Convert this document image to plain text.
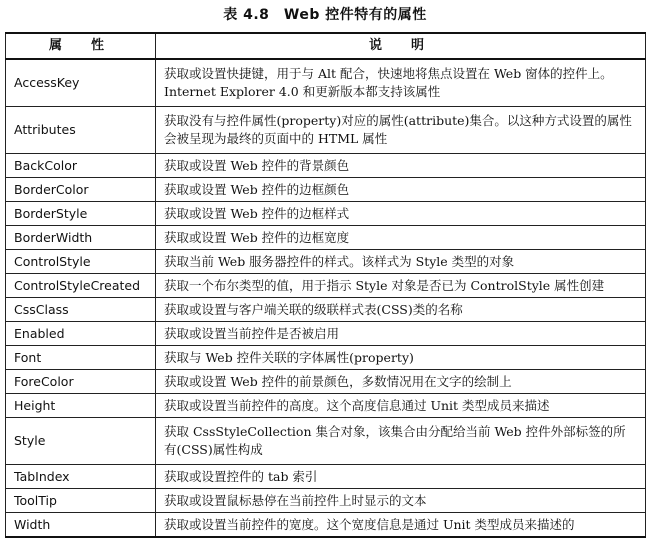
表 4.8　Web 控件特有的属性
属　性	说　明
AccessKey	获取或设置快捷键，用于与 Alt 配合，快速地将焦点设置在 Web 窗体的控件上。Internet Explorer 4.0 和更新版本都支持该属性
Attributes	获取没有与控件属性(property)对应的属性(attribute)集合。以这种方式设置的属性会被呈现为最终的页面中的 HTML 属性
BackColor	获取或设置 Web 控件的背景颜色
BorderColor	获取或设置 Web 控件的边框颜色
BorderStyle	获取或设置 Web 控件的边框样式
BorderWidth	获取或设置 Web 控件的边框宽度
ControlStyle	获取当前 Web 服务器控件的样式。该样式为 Style 类型的对象
ControlStyleCreated	获取一个布尔类型的值，用于指示 Style 对象是否已为 ControlStyle 属性创建
CssClass	获取或设置与客户端关联的级联样式表(CSS)类的名称
Enabled	获取或设置当前控件是否被启用
Font	获取与 Web 控件关联的字体属性(property)
ForeColor	获取或设置 Web 控件的前景颜色，多数情况用在文字的绘制上
Height	获取或设置当前控件的高度。这个高度信息通过 Unit 类型成员来描述
Style	获取 CssStyleCollection 集合对象，该集合由分配给当前 Web 控件外部标签的所有(CSS)属性构成
TabIndex	获取或设置控件的 tab 索引
ToolTip	获取或设置鼠标悬停在当前控件上时显示的文本
Width	获取或设置当前控件的宽度。这个宽度信息是通过 Unit 类型成员来描述的
